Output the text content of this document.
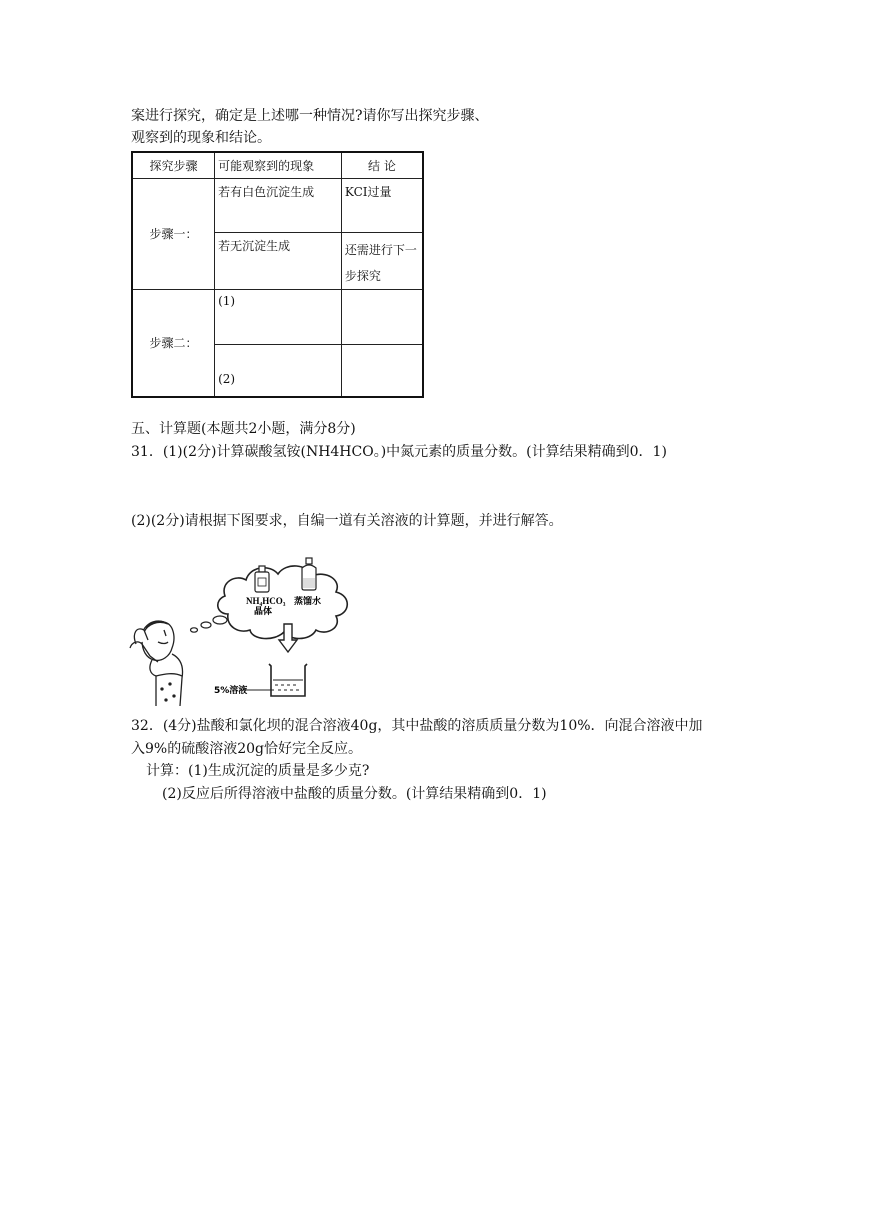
案进行探究，确定是上述哪一种情况?请你写出探究步骤、
观察到的现象和结论。
探究步骤	可能观察到的现象	结 论
步骤一：	若有白色沉淀生成	KCI过量
	若无沉淀生成	还需进行下一
步探究
步骤二：	(1)	
	(2)	
五、计算题(本题共2小题，满分8分)
31．(1)(2分)计算碳酸氢铵(NH4HCO。)中氮元素的质量分数。(计算结果精确到0．1)
(2)(2分)请根据下图要求，自编一道有关溶液的计算题，并进行解答。
NH₄HCO₃
晶体
蒸馏水
5%溶液
32．(4分)盐酸和氯化坝的混合溶液40g，其中盐酸的溶质质量分数为10%．向混合溶液中加
入9%的硫酸溶液20g恰好完全反应。
计算：(1)生成沉淀的质量是多少克?
(2)反应后所得溶液中盐酸的质量分数。(计算结果精确到0．1)
